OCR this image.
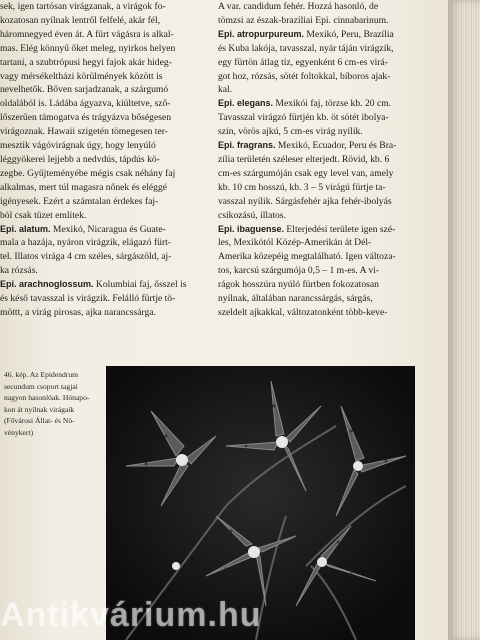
sek, igen tartósan virágzanak, a virágok fo-
kozatosan nyílnak lentről felfelé, akár fél,
háromnegyed éven át. A fürt vágásra is alkal-
mas. Elég könnyű őket meleg, nyirkos helyen
tartani, a szubtrópusi hegyi fajok akár hideg-
vagy mérsékeltházi körülmények között is
nevelhetők. Bőven sarjadzanak, a szárgumó
oldalából is. Ládába ágyazva, kiültetve, sző-
lőszerűen támogatva és trágyázva bőségesen
virágoznak. Hawaii szigetén tömegesen ter-
mesztik vágóvirágnak úgy, hogy lenyúló
léggyökerei lejjebb a nedvdús, tápdús kö-
zegbe. Gyűjteményébe mégis csak néhány faj
alkalmas, mert túl magasra nőnek és eléggé
igényesek. Ezért a számtalan érdekes faj-
ból csak tüzet említek.

Epi. alatum. Mexikó, Nicaragua és Guate-
mala a hazája, nyáron virágzik, elágazó fürt-
tel. Illatos virága 4 cm széles, sárgászöld, aj-
ka rózsás.

Epi. arachnoglossum. Kolumbiai faj, ősszel is
és késő tavasszal is virágzik. Felálló fürtje tö-
möttt, a virág pirosas, ajka narancssárga.

A var. candidum fehér. Hozzá hasonló, de
tömzsi az észak-braziliai Epi. cinnabarinum.

Epi. atropurpureum. Mexikó, Peru, Brazília
és Kuba lakója, tavasszal, nyár táján virágzik,
egy fürtön átlag tíz, egyenként 6 cm-es virá-
got hoz, rózsás, sötét foltokkal, bíboros ajak-
kal.

Epi. elegans. Mexikói faj, törzse kb. 20 cm.
Tavasszal virágzó fürtjén kb. öt sötét ibolya-
szín, vörös ajkú, 5 cm-es virág nyílik.

Epi. fragrans. Mexikó, Ecuador, Peru és Bra-
zília területén széleser elterjedt. Rövid, kb. 6
cm-es szárgumóján csak egy level van, amely
kb. 10 cm hosszú, kb. 3 – 5 virágú fürtje ta-
vasszal nyílik. Sárgásfehér ajka fehér-ibolyás
csíkozású, illatos.

Epi. ibaguense. Elterjedési területe igen szé-
les, Mexikótól Közép-Amerikán át Dél-
Amerika közepéig megtalálható. Igen változa-
tos, karcsú szárgumója 0,5 – 1 m-es. A vi-
rágok hosszúra nyúló fürtben fokozatosan
nyílnak, általában narancssárgás, sárgás,
szeldelt ajkakkal, változatonként több-keve-

46. kép. Az Epidendrum
secundum csoport tagjai
nagyon hasonlóak. Hónapo-
kon át nyílnak virágaik
(Fővárosi Állat- és Nö-
vénykert)
Antikvárium.hu
